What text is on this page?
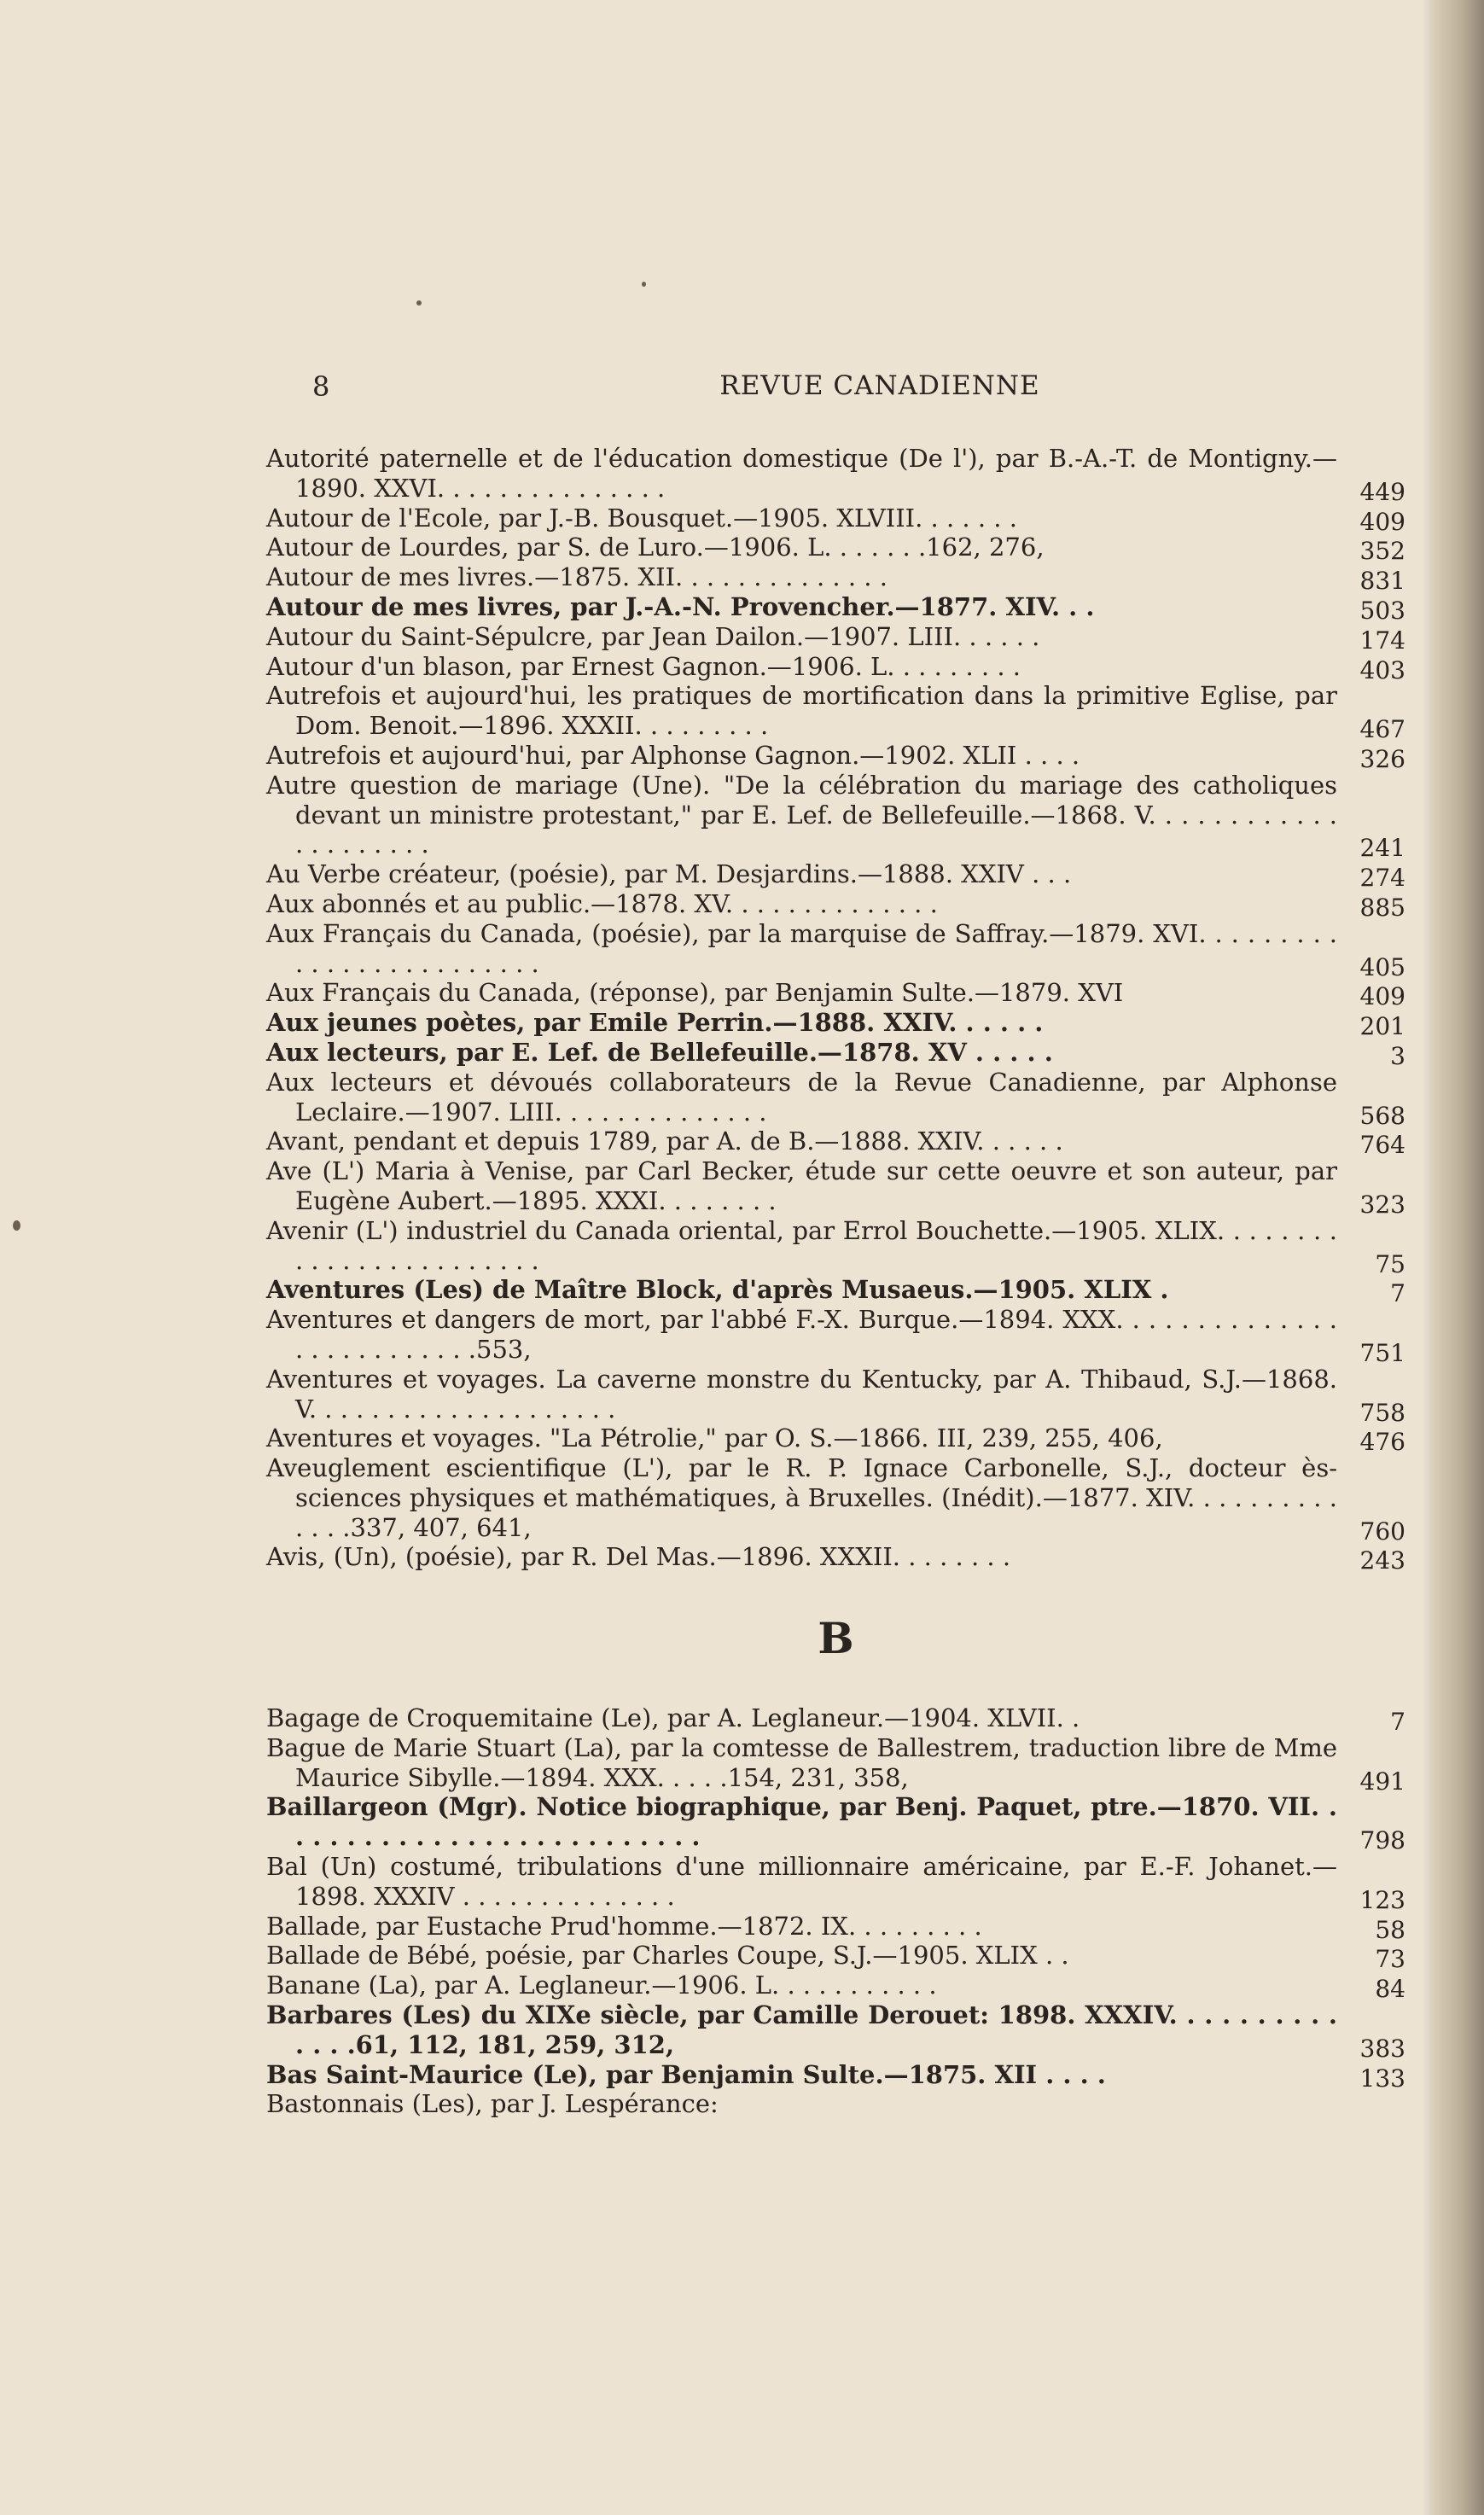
8	REVUE CANADIENNE
Autorité paternelle et de l'éducation domestique (De l'), par B.-A.-T. de Montigny.—1890. XXVI. . . . . . . . . . . . . . .	449
Autour de l'Ecole, par J.-B. Bousquet.—1905. XLVIII. . . . . . .	409
Autour de Lourdes, par S. de Luro.—1906. L. . . . . . .162, 276,	352
Autour de mes livres.—1875. XII. . . . . . . . . . . . . .	831
Autour de mes livres, par J.-A.-N. Provencher.—1877. XIV. . .	503
Autour du Saint-Sépulcre, par Jean Dailon.—1907. LIII. . . . . .	174
Autour d'un blason, par Ernest Gagnon.—1906. L. . . . . . . . .	403
Autrefois et aujourd'hui, les pratiques de mortification dans la primitive Eglise, par Dom. Benoit.—1896. XXXII. . . . . . . . .	467
Autrefois et aujourd'hui, par Alphonse Gagnon.—1902. XLII . . . .	326
Autre question de mariage (Une). "De la célébration du mariage des catholiques devant un ministre protestant," par E. Lef. de Bellefeuille.—1868. V. . . . . . . . . . . . . . . . . . . . .	241
Au Verbe créateur, (poésie), par M. Desjardins.—1888. XXIV . . .	274
Aux abonnés et au public.—1878. XV. . . . . . . . . . . . . .	885
Aux Français du Canada, (poésie), par la marquise de Saffray.—1879. XVI. . . . . . . . . . . . . . . . . . . . . . . . .	405
Aux Français du Canada, (réponse), par Benjamin Sulte.—1879. XVI	409
Aux jeunes poètes, par Emile Perrin.—1888. XXIV. . . . . .	201
Aux lecteurs, par E. Lef. de Bellefeuille.—1878. XV . . . . .	3
Aux lecteurs et dévoués collaborateurs de la Revue Canadienne, par Alphonse Leclaire.—1907. LIII. . . . . . . . . . . . . .	568
Avant, pendant et depuis 1789, par A. de B.—1888. XXIV. . . . . .	764
Ave (L') Maria à Venise, par Carl Becker, étude sur cette oeuvre et son auteur, par Eugène Aubert.—1895. XXXI. . . . . . . .	323
Avenir (L') industriel du Canada oriental, par Errol Bouchette.—1905. XLIX. . . . . . . . . . . . . . . . . . . . . . . .	75
Aventures (Les) de Maître Block, d'après Musaeus.—1905. XLIX .	7
Aventures et dangers de mort, par l'abbé F.-X. Burque.—1894. XXX. . . . . . . . . . . . . . . . . . . . . . . . . .553,	751
Aventures et voyages. La caverne monstre du Kentucky, par A. Thibaud, S.J.—1868. V. . . . . . . . . . . . . . . . . . . .	758
Aventures et voyages. "La Pétrolie," par O. S.—1866. III, 239, 255, 406,	476
Aveuglement escientifique (L'), par le R. P. Ignace Carbonelle, S.J., docteur ès-sciences physiques et mathématiques, à Bruxelles. (Inédit).—1877. XIV. . . . . . . . . . . . . .337, 407, 641,	760
Avis, (Un), (poésie), par R. Del Mas.—1896. XXXII. . . . . . . .	243
B
Bagage de Croquemitaine (Le), par A. Leglaneur.—1904. XLVII. .	7
Bague de Marie Stuart (La), par la comtesse de Ballestrem, traduction libre de Mme Maurice Sibylle.—1894. XXX. . . . .154, 231, 358,	491
Baillargeon (Mgr). Notice biographique, par Benj. Paquet, ptre.—1870. VII. . . . . . . . . . . . . . . . . . . . . . . . . .	798
Bal (Un) costumé, tribulations d'une millionnaire américaine, par E.-F. Johanet.—1898. XXXIV . . . . . . . . . . . . . .	123
Ballade, par Eustache Prud'homme.—1872. IX. . . . . . . . .	58
Ballade de Bébé, poésie, par Charles Coupe, S.J.—1905. XLIX . .	73
Banane (La), par A. Leglaneur.—1906. L. . . . . . . . . . .	84
Barbares (Les) du XIXe siècle, par Camille Derouet: 1898. XXXIV. . . . . . . . . . . . . .61, 112, 181, 259, 312,	383
Bas Saint-Maurice (Le), par Benjamin Sulte.—1875. XII . . . .	133
Bastonnais (Les), par J. Lespérance:
